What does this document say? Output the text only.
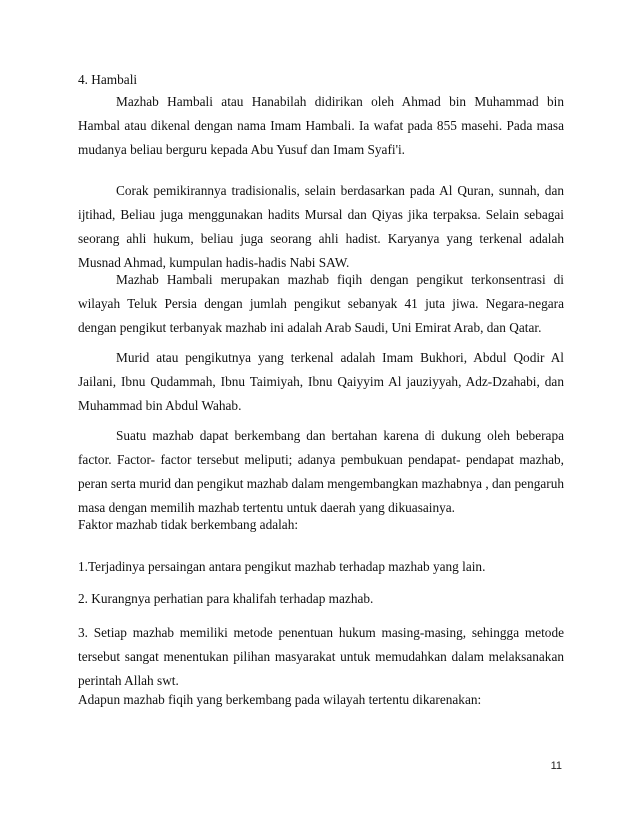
4. Hambali
Mazhab Hambali atau Hanabilah didirikan oleh Ahmad bin Muhammad bin Hambal atau dikenal dengan nama Imam Hambali. Ia wafat pada 855 masehi. Pada masa mudanya beliau berguru kepada Abu Yusuf dan Imam Syafi'i.
Corak pemikirannya tradisionalis, selain berdasarkan pada Al Quran, sunnah, dan ijtihad, Beliau juga menggunakan hadits Mursal dan Qiyas jika terpaksa. Selain sebagai seorang ahli hukum, beliau juga seorang ahli hadist. Karyanya yang terkenal adalah Musnad Ahmad, kumpulan hadis-hadis Nabi SAW.
Mazhab Hambali merupakan mazhab fiqih dengan pengikut terkonsentrasi di wilayah Teluk Persia dengan jumlah pengikut sebanyak 41 juta jiwa. Negara-negara dengan pengikut terbanyak mazhab ini adalah Arab Saudi, Uni Emirat Arab, dan Qatar.
Murid atau pengikutnya yang terkenal adalah Imam Bukhori, Abdul Qodir Al Jailani, Ibnu Qudammah, Ibnu Taimiyah, Ibnu Qaiyyim Al jauziyyah, Adz-Dzahabi, dan Muhammad bin Abdul Wahab.
Suatu mazhab dapat berkembang dan bertahan karena di dukung oleh beberapa factor. Factor- factor tersebut meliputi; adanya pembukuan pendapat- pendapat mazhab, peran serta murid dan pengikut mazhab dalam mengembangkan mazhabnya , dan pengaruh masa dengan memilih mazhab tertentu untuk daerah yang dikuasainya.
Faktor mazhab tidak berkembang adalah:
1.Terjadinya persaingan antara pengikut mazhab terhadap mazhab yang lain.
2. Kurangnya perhatian para khalifah terhadap mazhab.
3. Setiap mazhab memiliki metode penentuan hukum masing-masing, sehingga metode tersebut sangat menentukan pilihan masyarakat untuk memudahkan dalam melaksanakan perintah Allah swt.
Adapun mazhab fiqih yang berkembang pada wilayah tertentu dikarenakan:
11
